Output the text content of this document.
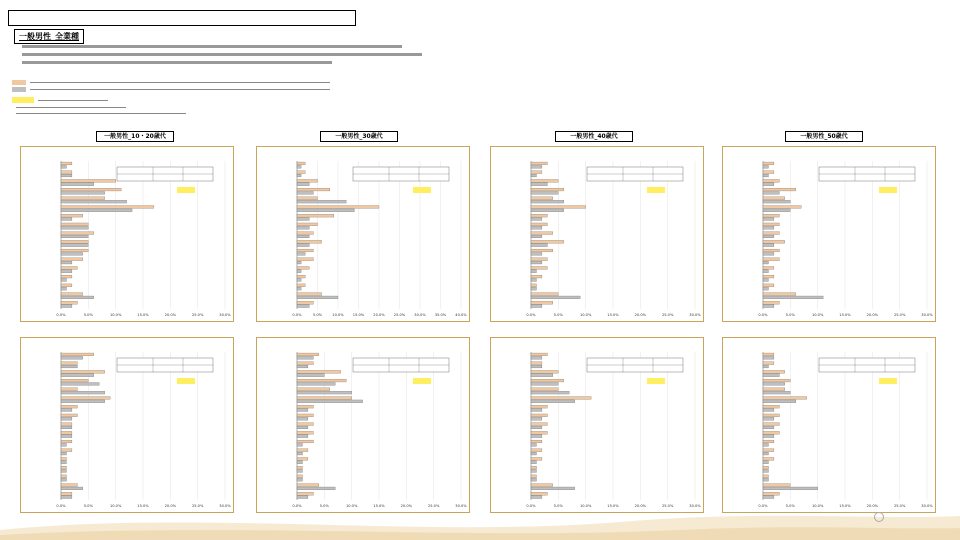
一般男性_全業種
一般男性_10・20歳代	一般男性_30歳代	一般男性_40歳代	一般男性_50歳代
0.0%	5.0%	10.0%	15.0%	20.0%	25.0%	30.0%	0.0%	5.0%	10.0%	15.0%	20.0%	25.0%	30.0%	35.0%	40.0%	0.0%	5.0%	10.0%	15.0%	20.0%	25.0%	30.0%	0.0%	5.0%	10.0%	15.0%	20.0%	25.0%	30.0%
0.0%	5.0%	10.0%	15.0%	20.0%	25.0%	30.0%	0.0%	5.0%	10.0%	15.0%	20.0%	25.0%	30.0%	0.0%	5.0%	10.0%	15.0%	20.0%	25.0%	30.0%	0.0%	5.0%	10.0%	15.0%	20.0%	25.0%	30.0%
